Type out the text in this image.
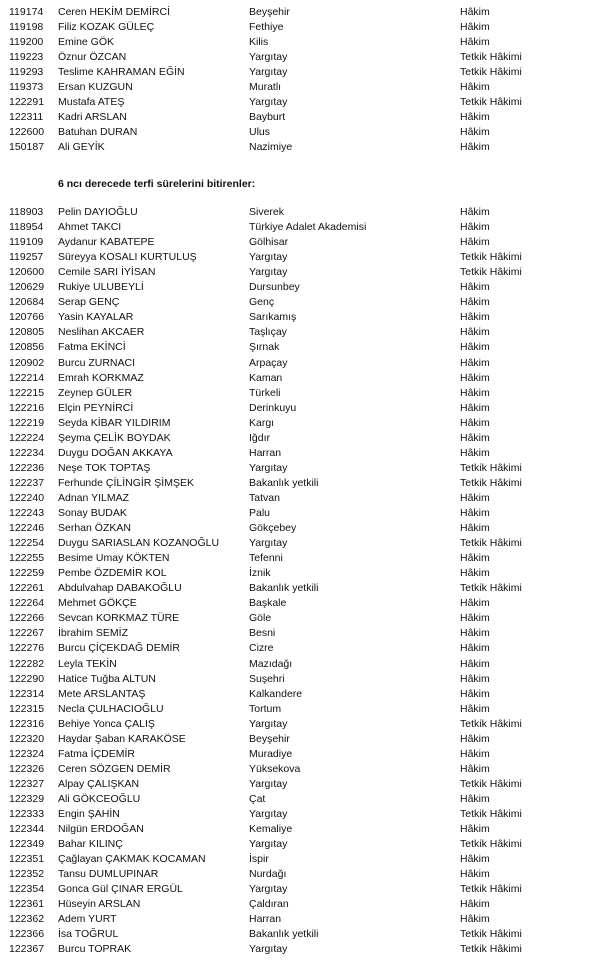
6 ncı derecede terfi sürelerini bitirenler:
119174 Ceren HEKİM DEMİRCİ	Beyşehir	Hâkim
119198 Filiz KOZAK GÜLEÇ	Fethiye	Hâkim
119200 Emine GÖK	Kilis	Hâkim
119223 Öznur ÖZCAN	Yargıtay	Tetkik Hâkimi
119293 Teslime KAHRAMAN EĞİN	Yargıtay	Tetkik Hâkimi
119373 Ersan KUZGUN	Muratlı	Hâkim
122291 Mustafa ATEŞ	Yargıtay	Tetkik Hâkimi
122311 Kadri ARSLAN	Bayburt	Hâkim
122600 Batuhan DURAN	Ulus	Hâkim
150187 Ali GEYİK	Nazimiye	Hâkim
118903 Pelin DAYIOĞLU	Siverek	Hâkim
118954 Ahmet TAKCI	Türkiye Adalet Akademisi	Hâkim
119109 Aydanur KABATEPE	Gölhisar	Hâkim
119257 Süreyya KOSALI KURTULUŞ	Yargıtay	Tetkik Hâkimi
120600 Cemile SARI İYİSAN	Yargıtay	Tetkik Hâkimi
120629 Rukiye ULUBEYLİ	Dursunbey	Hâkim
120684 Serap GENÇ	Genç	Hâkim
120766 Yasin KAYALAR	Sarıkamış	Hâkim
120805 Neslihan AKCAER	Taşlıçay	Hâkim
120856 Fatma EKİNCİ	Şırnak	Hâkim
120902 Burcu ZURNACI	Arpaçay	Hâkim
122214 Emrah KORKMAZ	Kaman	Hâkim
122215 Zeynep GÜLER	Türkeli	Hâkim
122216 Elçin PEYNİRCİ	Derinkuyu	Hâkim
122219 Seyda KİBAR YILDIRIM	Kargı	Hâkim
122224 Şeyma ÇELİK BOYDAK	Iğdır	Hâkim
122234 Duygu DOĞAN AKKAYA	Harran	Hâkim
122236 Neşe TOK TOPTAŞ	Yargıtay	Tetkik Hâkimi
122237 Ferhunde ÇİLİNGİR ŞİMŞEK	Bakanlık yetkili	Tetkik Hâkimi
122240 Adnan YILMAZ	Tatvan	Hâkim
122243 Sonay BUDAK	Palu	Hâkim
122246 Serhan ÖZKAN	Gökçebey	Hâkim
122254 Duygu SARIASLAN KOZANOĞLU	Yargıtay	Tetkik Hâkimi
122255 Besime Umay KÖKTEN	Tefenni	Hâkim
122259 Pembe ÖZDEMİR KOL	İznik	Hâkim
122261 Abdulvahap DABAKOĞLU	Bakanlık yetkili	Tetkik Hâkimi
122264 Mehmet GÖKÇE	Başkale	Hâkim
122266 Sevcan KORKMAZ TÜRE	Göle	Hâkim
122267 İbrahim SEMİZ	Besni	Hâkim
122276 Burcu ÇİÇEKDAĞ DEMİR	Cizre	Hâkim
122282 Leyla TEKİN	Mazıdağı	Hâkim
122290 Hatice Tuğba ALTUN	Suşehri	Hâkim
122314 Mete ARSLANTAŞ	Kalkandere	Hâkim
122315 Necla ÇULHACIOĞLU	Tortum	Hâkim
122316 Behiye Yonca ÇALIŞ	Yargıtay	Tetkik Hâkimi
122320 Haydar Şaban KARAKÖSE	Beyşehir	Hâkim
122324 Fatma İÇDEMİR	Muradiye	Hâkim
122326 Ceren SÖZGEN DEMİR	Yüksekova	Hâkim
122327 Alpay ÇALIŞKAN	Yargıtay	Tetkik Hâkimi
122329 Ali GÖKCEOĞLU	Çat	Hâkim
122333 Engin ŞAHİN	Yargıtay	Tetkik Hâkimi
122344 Nilgün ERDOĞAN	Kemaliye	Hâkim
122349 Bahar KILINÇ	Yargıtay	Tetkik Hâkimi
122351 Çağlayan ÇAKMAK KOCAMAN	İspir	Hâkim
122352 Tansu DUMLUPINAR	Nurdağı	Hâkim
122354 Gonca Gül ÇINAR ERGÜL	Yargıtay	Tetkik Hâkimi
122361 Hüseyin ARSLAN	Çaldıran	Hâkim
122362 Adem YURT	Harran	Hâkim
122366 İsa TOĞRUL	Bakanlık yetkili	Tetkik Hâkimi
122367 Burcu TOPRAK	Yargıtay	Tetkik Hâkimi
